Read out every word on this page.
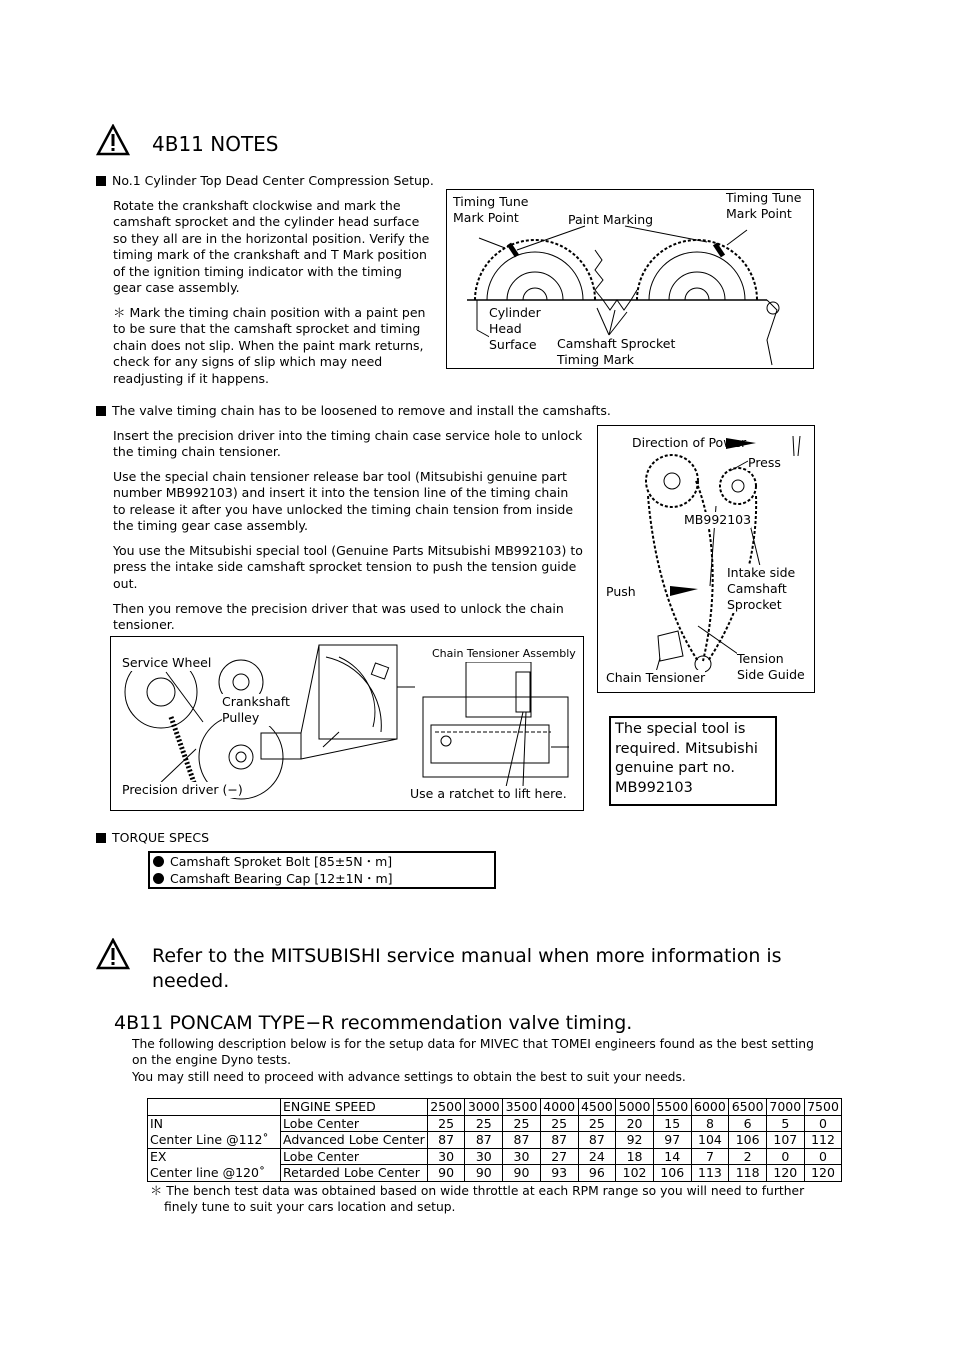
4B11 NOTES
No.1 Cylinder Top Dead Center Compression Setup.
Rotate the crankshaft clockwise and mark the camshaft sprocket and the cylinder head surface so they all are in the horizontal position. Verify the timing mark of the crankshaft and T Mark position of the ignition timing indicator with the timing gear case assembly.
＊ Mark the timing chain position with a paint pen to be sure that the camshaft sprocket and timing chain does not slip. When the paint mark returns, check for any signs of slip which may need readjusting if it happens.
Timing Tune
Mark Point
Timing Tune
Mark Point
Paint Marking
Cylinder
Head
Surface	Camshaft Sprocket
Timing Mark
The valve timing chain has to be loosened to remove and install the camshafts.
Insert the precision driver into the timing chain case service hole to unlock the timing chain tensioner.
Use the special chain tensioner release bar tool (Mitsubishi genuine part number MB992103) and insert it into the tension line of the timing chain to release it after you have unlocked the timing chain tension from inside the timing gear case assembly.
You use the Mitsubishi special tool (Genuine Parts Mitsubishi MB992103) to press the intake side camshaft sprocket tension to push the tension guide out.
Then you remove the precision driver that was used to unlock the chain tensioner.
Direction of Power
Press
MB992103
Intake side
Camshaft
Sprocket
Push
Tension
Side Guide
Chain Tensioner
Service Wheel
Crankshaft
Pulley
Precision driver (−)
Chain Tensioner Assembly
Use a ratchet to lift here.
The special tool is required. Mitsubishi genuine part no. MB992103
TORQUE SPECS
Camshaft Sproket Bolt [85±5N・m]
Camshaft Bearing Cap [12±1N・m]
Refer to the MITSUBISHI service manual when more information is needed.
4B11 PONCAM TYPE−R recommendation valve timing.
The following description below is for the setup data for MIVEC that TOMEI engineers found as the best setting on the engine Dyno tests.
You may still need to proceed with advance settings to obtain the best to suit your needs.
	ENGINE SPEED	2500	3000	3500	4000	4500	5000	5500	6000	6500	7000	7500
IN	Lobe Center	25	25	25	25	25	20	15	8	6	5	0
Center Line @112˚	Advanced Lobe Center	87	87	87	87	87	92	97	104	106	107	112
EX	Lobe Center	30	30	30	27	24	18	14	7	2	0	0
Center line @120˚	Retarded Lobe Center	90	90	90	93	96	102	106	113	118	120	120
＊ The bench test data was obtained based on wide throttle at each RPM range so you will need to further finely tune to suit your cars location and setup.
